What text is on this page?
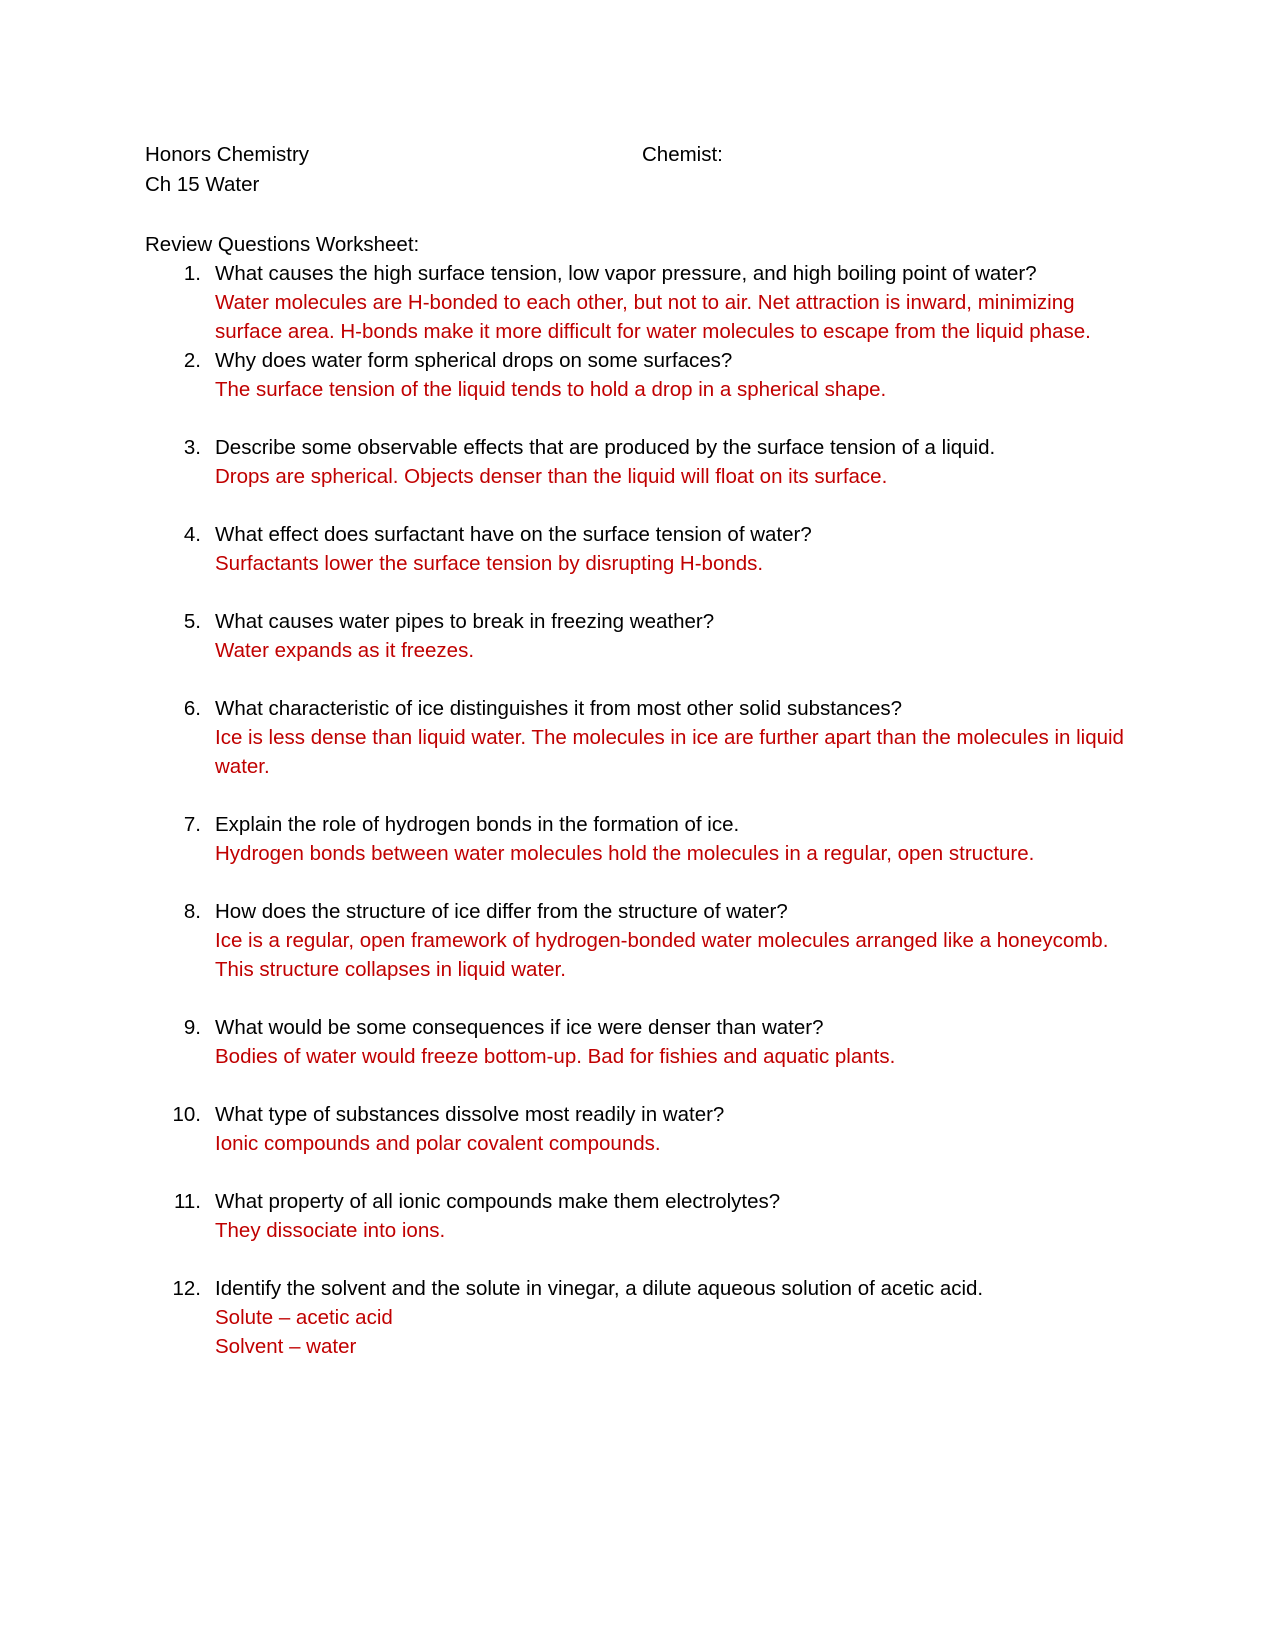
Honors Chemistry	Chemist:
Ch 15 Water
Review Questions Worksheet:
1. What causes the high surface tension, low vapor pressure, and high boiling point of water?
Water molecules are H-bonded to each other, but not to air. Net attraction is inward, minimizing surface area. H-bonds make it more difficult for water molecules to escape from the liquid phase.
2. Why does water form spherical drops on some surfaces?
The surface tension of the liquid tends to hold a drop in a spherical shape.
3. Describe some observable effects that are produced by the surface tension of a liquid.
Drops are spherical. Objects denser than the liquid will float on its surface.
4. What effect does surfactant have on the surface tension of water?
Surfactants lower the surface tension by disrupting H-bonds.
5. What causes water pipes to break in freezing weather?
Water expands as it freezes.
6. What characteristic of ice distinguishes it from most other solid substances?
Ice is less dense than liquid water. The molecules in ice are further apart than the molecules in liquid water.
7. Explain the role of hydrogen bonds in the formation of ice.
Hydrogen bonds between water molecules hold the molecules in a regular, open structure.
8. How does the structure of ice differ from the structure of water?
Ice is a regular, open framework of hydrogen-bonded water molecules arranged like a honeycomb. This structure collapses in liquid water.
9. What would be some consequences if ice were denser than water?
Bodies of water would freeze bottom-up. Bad for fishies and aquatic plants.
10. What type of substances dissolve most readily in water?
Ionic compounds and polar covalent compounds.
11. What property of all ionic compounds make them electrolytes?
They dissociate into ions.
12. Identify the solvent and the solute in vinegar, a dilute aqueous solution of acetic acid.
Solute – acetic acid
Solvent – water
